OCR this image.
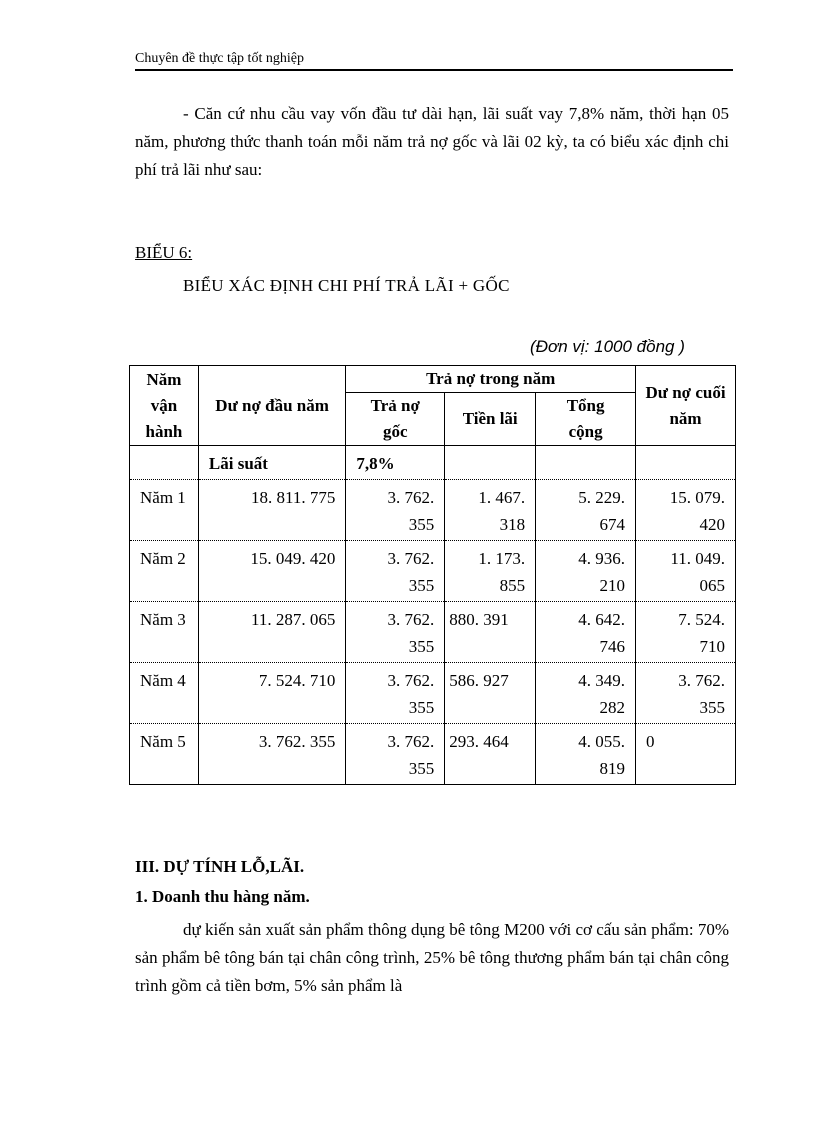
Chuyên đề thực tập tốt nghiệp

- Căn cứ nhu cầu vay vốn đầu tư dài hạn, lãi suất vay 7,8% năm, thời hạn 05 năm, phương thức thanh toán mỗi năm trả nợ gốc và lãi 02 kỳ, ta có biểu xác định chi phí trả lãi như sau:

BIỂU 6:
BIỂU XÁC ĐỊNH CHI PHÍ TRẢ LÃI + GỐC
(Đơn vị: 1000 đồng )
Năm vận hành	Dư nợ đầu năm	Trả nợ trong năm			Dư nợ cuối năm
		Trả nợ gốc	Tiền lãi	Tổng cộng	
	Lãi suất	7,8%			
Năm 1	18. 811. 775	3. 762. 355	1. 467. 318	5. 229. 674	15. 079. 420
Năm 2	15. 049. 420	3. 762. 355	1. 173. 855	4. 936. 210	11. 049. 065
Năm 3	11. 287. 065	3. 762. 355	880. 391	4. 642. 746	7. 524. 710
Năm 4	7. 524. 710	3. 762. 355	586. 927	4. 349. 282	3. 762. 355
Năm 5	3. 762. 355	3. 762. 355	293. 464	4. 055. 819	0
III. DỰ TÍNH LỖ,LÃI.
1. Doanh thu hàng năm.

dự kiến sản xuất sản phẩm thông dụng bê tông M200 với cơ cấu sản phẩm: 70% sản phẩm bê tông bán tại chân công trình, 25% bê tông thương phẩm bán tại chân công trình gồm cả tiền bơm, 5% sản phẩm là
